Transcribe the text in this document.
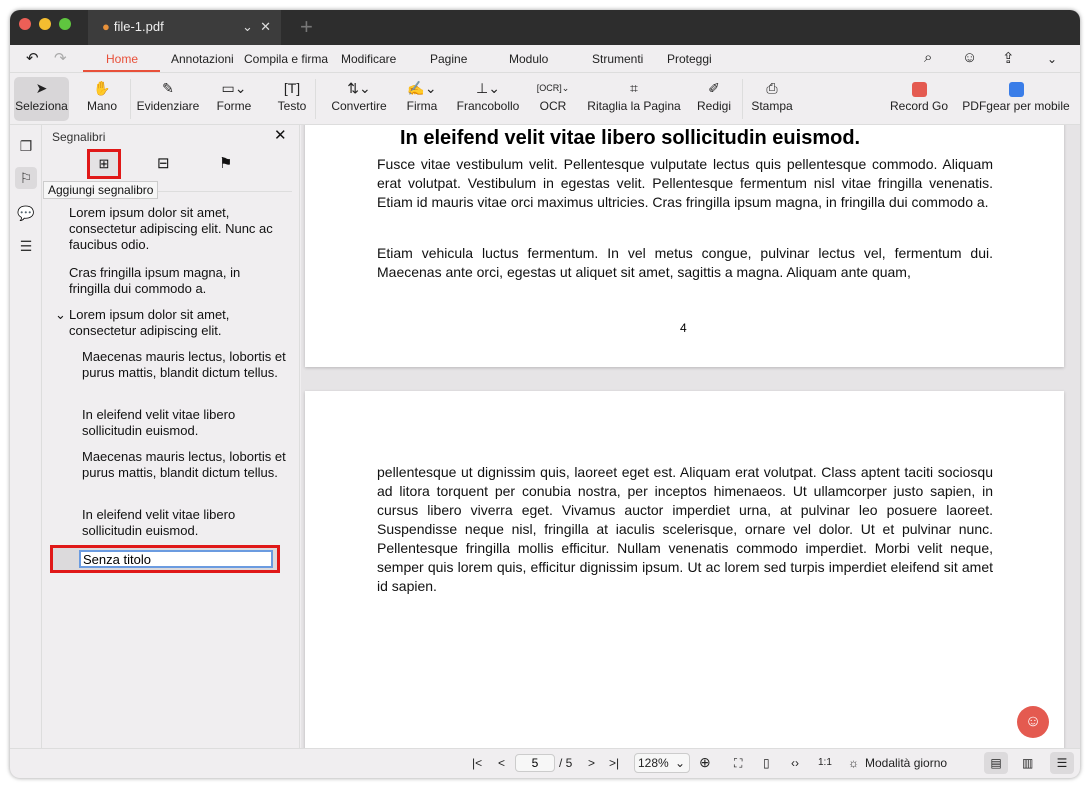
● file-1.pdf	⌄ ✕ +
↶ ↷	Home	Annotazioni Compila e firma Modificare	Pagine	Modulo	Strumenti Proteggi	⌕ ☺ ⇪	⌄
➤
Seleziona
✋
Mano
✎
Evidenziare
▭⌄
Forme
[T]
Testo
⇅⌄
Convertire
✍⌄
Firma
⊥⌄
Francobollo
[OCR]⌄
OCR
⌗
Ritaglia la Pagina
✐
Redigi
⎙
Stampa	Record Go	PDFgear per mobile
❐
⚐
💬
☰
Segnalibri	✕
⊞	⊟	⚑
Aggiungi segnalibro
Lorem ipsum dolor sit amet, consectetur adipiscing elit. Nunc ac faucibus odio.
Cras fringilla ipsum magna, in fringilla dui commodo a.
⌄ Lorem ipsum dolor sit amet, consectetur adipiscing elit.
Maecenas mauris lectus, lobortis et purus mattis, blandit dictum tellus.
In eleifend velit vitae libero sollicitudin euismod.
Maecenas mauris lectus, lobortis et purus mattis, blandit dictum tellus.
In eleifend velit vitae libero sollicitudin euismod.
Senza titolo
In eleifend velit vitae libero sollicitudin euismod.
Fusce vitae vestibulum velit. Pellentesque vulputate lectus quis pellentesque commodo. Aliquam erat volutpat. Vestibulum in egestas velit. Pellentesque fermentum nisl vitae fringilla venenatis. Etiam id mauris vitae orci maximus ultricies. Cras fringilla ipsum magna, in fringilla dui commodo a.
Etiam vehicula luctus fermentum. In vel metus congue, pulvinar lectus vel, fermentum dui. Maecenas ante orci, egestas ut aliquet sit amet, sagittis a magna. Aliquam ante quam,
4
pellentesque ut dignissim quis, laoreet eget est. Aliquam erat volutpat. Class aptent taciti sociosqu ad litora torquent per conubia nostra, per inceptos himenaeos. Ut ullamcorper justo sapien, in cursus libero viverra eget. Vivamus auctor imperdiet urna, at pulvinar leo posuere laoreet. Suspendisse neque nisl, fringilla at iaculis scelerisque, ornare vel dolor. Ut et pulvinar nunc. Pellentesque fringilla mollis efficitur. Nullam venenatis commodo imperdiet. Morbi velit neque, semper quis lorem quis, efficitur dignissim ipsum. Ut ac lorem sed turpis imperdiet eleifend sit amet id sapien.
☺
|< <
5	/ 5 > >|	128% ⌄ ⊕ ⛶ ▯ ‹› 1:1 ☼ Modalità giorno	▤	▥	☰
